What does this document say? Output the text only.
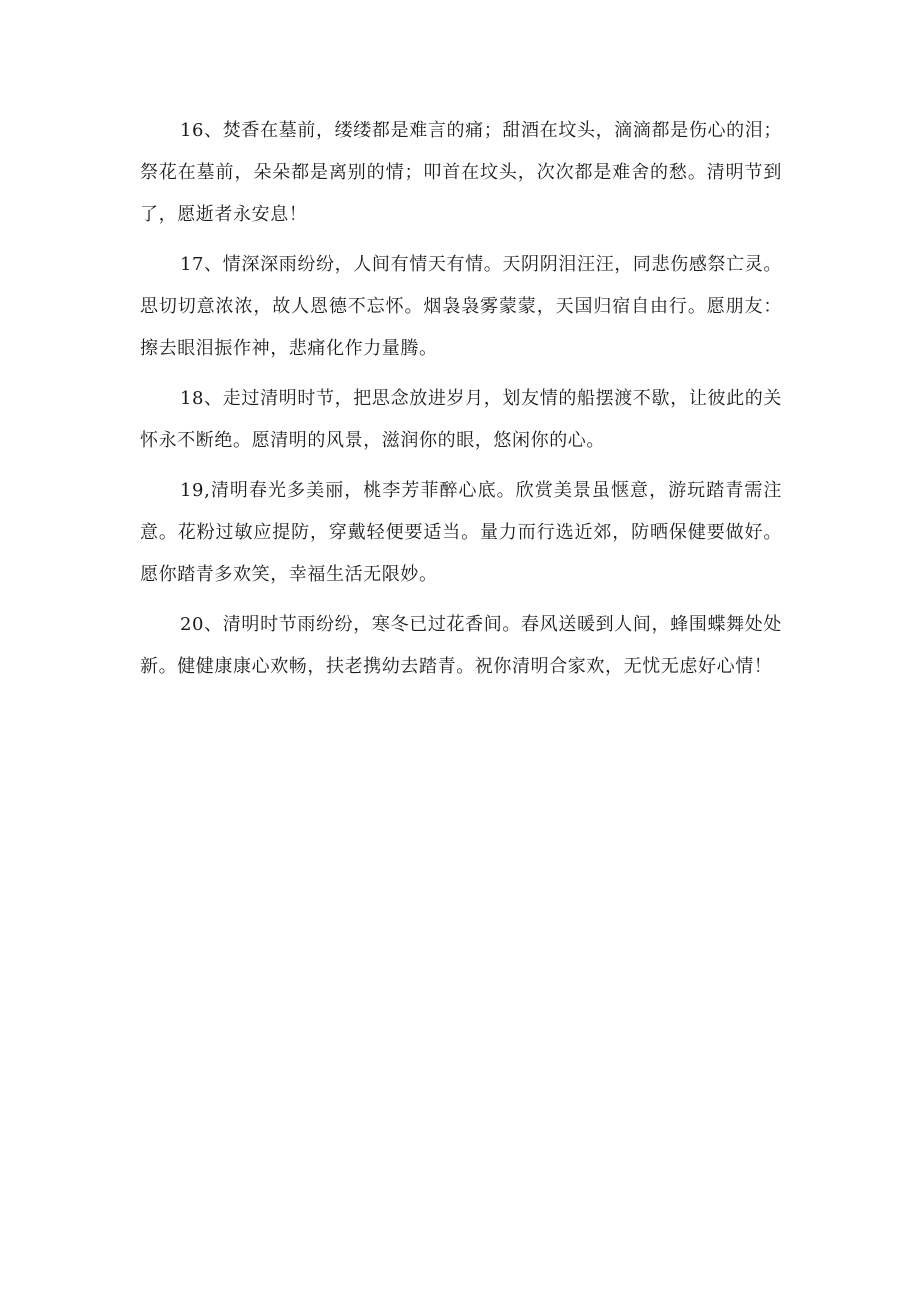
16、焚香在墓前，缕缕都是难言的痛；甜酒在坟头，滴滴都是伤心的泪；祭花在墓前，朵朵都是离别的情；叩首在坟头，次次都是难舍的愁。清明节到了，愿逝者永安息！

17、情深深雨纷纷，人间有情天有情。天阴阴泪汪汪，同悲伤感祭亡灵。思切切意浓浓，故人恩德不忘怀。烟袅袅雾蒙蒙，天国归宿自由行。愿朋友：擦去眼泪振作神，悲痛化作力量腾。

18、走过清明时节，把思念放进岁月，划友情的船摆渡不歇，让彼此的关怀永不断绝。愿清明的风景，滋润你的眼，悠闲你的心。

19,清明春光多美丽，桃李芳菲醉心底。欣赏美景虽惬意，游玩踏青需注意。花粉过敏应提防，穿戴轻便要适当。量力而行选近郊，防晒保健要做好。愿你踏青多欢笑，幸福生活无限妙。

20、清明时节雨纷纷，寒冬已过花香间。春风送暖到人间，蜂围蝶舞处处新。健健康康心欢畅，扶老携幼去踏青。祝你清明合家欢，无忧无虑好心情！
